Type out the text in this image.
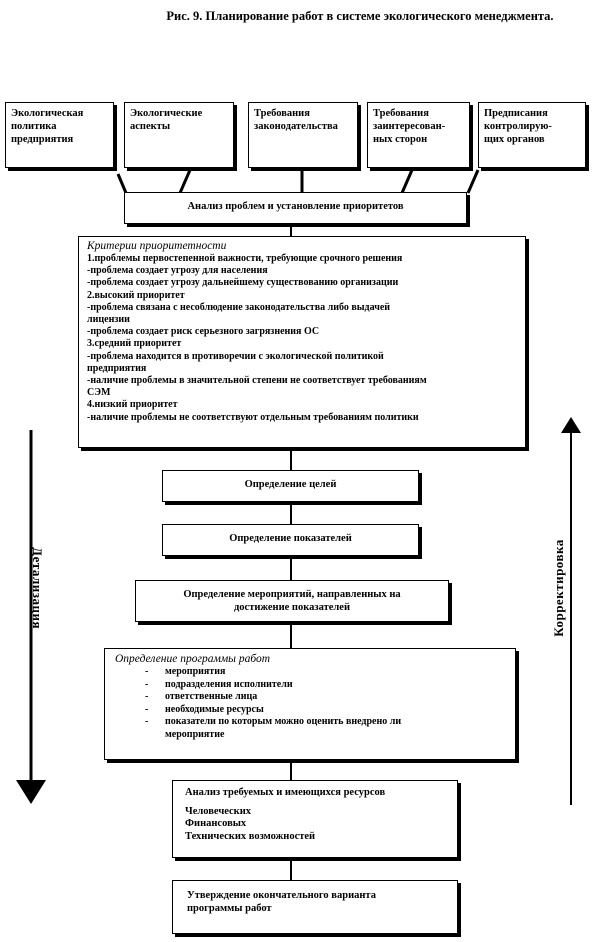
Рис. 9. Планирование работ в системе экологического менеджмента.
Экологическая
политика
предприятия
Экологические
аспекты
Требования
законодательства
Требования
заинтересован-
ных сторон
Предписания
контролирую-
щих органов
Анализ проблем и установление приоритетов
Критерии приоритетности
1.проблемы первостепенной важности, требующие срочного решения
-проблема создает угрозу для населения
-проблема создает угрозу дальнейшему существованию организации
2.высокий приоритет
-проблема связана с несоблюдение законодательства либо выдачей
лицензии
-проблема создает риск серьезного загрязнения ОС
3.средний приоритет
-проблема находится в противоречии с экологической политикой
предприятия
-наличие проблемы в значительной степени не соответствует требованиям
СЭМ
4.низкий приоритет
-наличие проблемы не соответствуют отдельным требованиям политики
Определение целей
Определение показателей
Определение мероприятий, направленных на
достижение показателей
Определение программы работ
- мероприятия
- подразделения исполнители
- ответственные лица
- необходимые ресурсы
- показатели по которым можно оценить внедрено ли
мероприятие
Анализ требуемых и имеющихся ресурсов
Человеческих
Финансовых
Технических возможностей
Утверждение окончательного варианта
программы работ
Детализация	Корректировка
